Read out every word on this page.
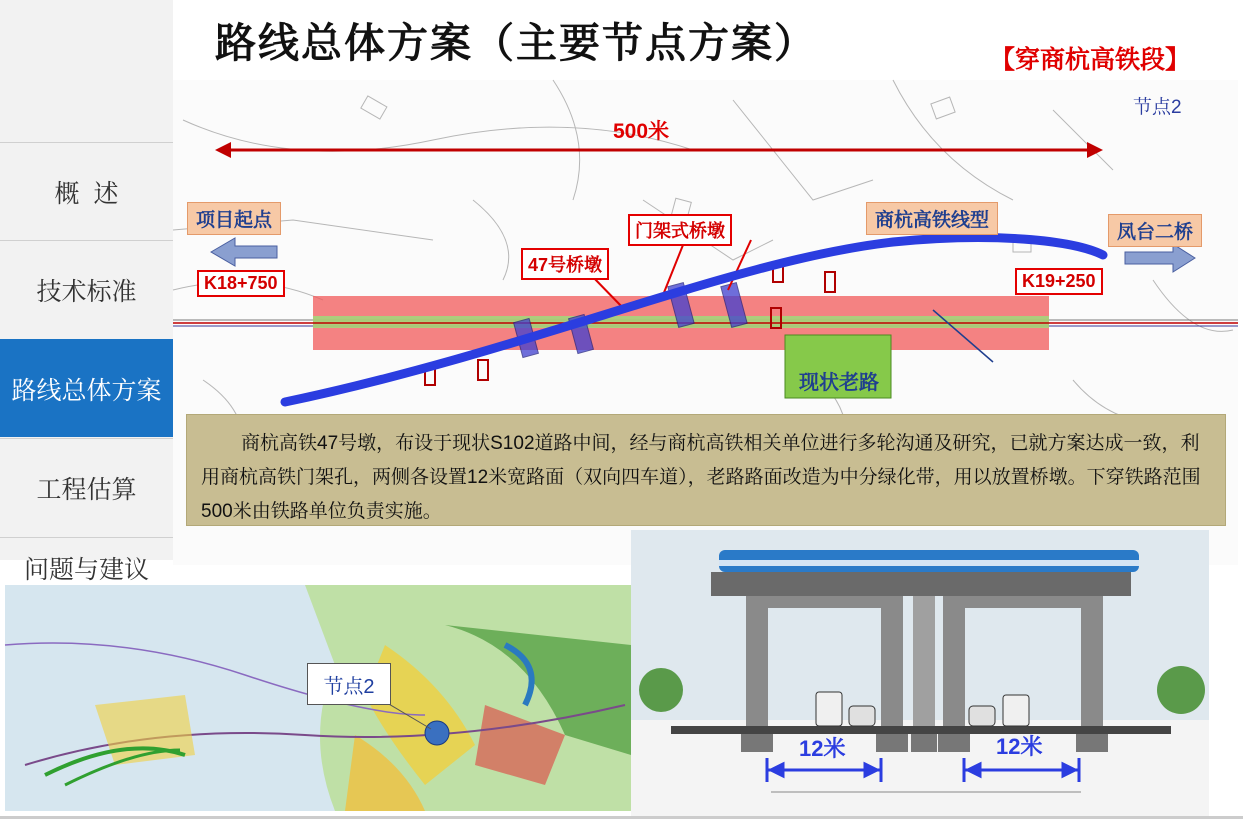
路线总体方案（主要节点方案）	【穿商杭高铁段】
概  述
技术标准
路线总体方案
工程估算
问题与建议
节点2
500米
项目起点
凤台二桥
K18+750	K19+250
47号桥墩
门架式桥墩	商杭高铁线型
现状老路
商杭高铁47号墩，布设于现状S102道路中间，经与商杭高铁相关单位进行多轮沟通及研究，已就方案达成一致，利用商杭高铁门架孔，两侧各设置12米宽路面（双向四车道），老路路面改造为中分绿化带，用以放置桥墩。下穿铁路范围500米由铁路单位负责实施。
节点2
12米	12米
